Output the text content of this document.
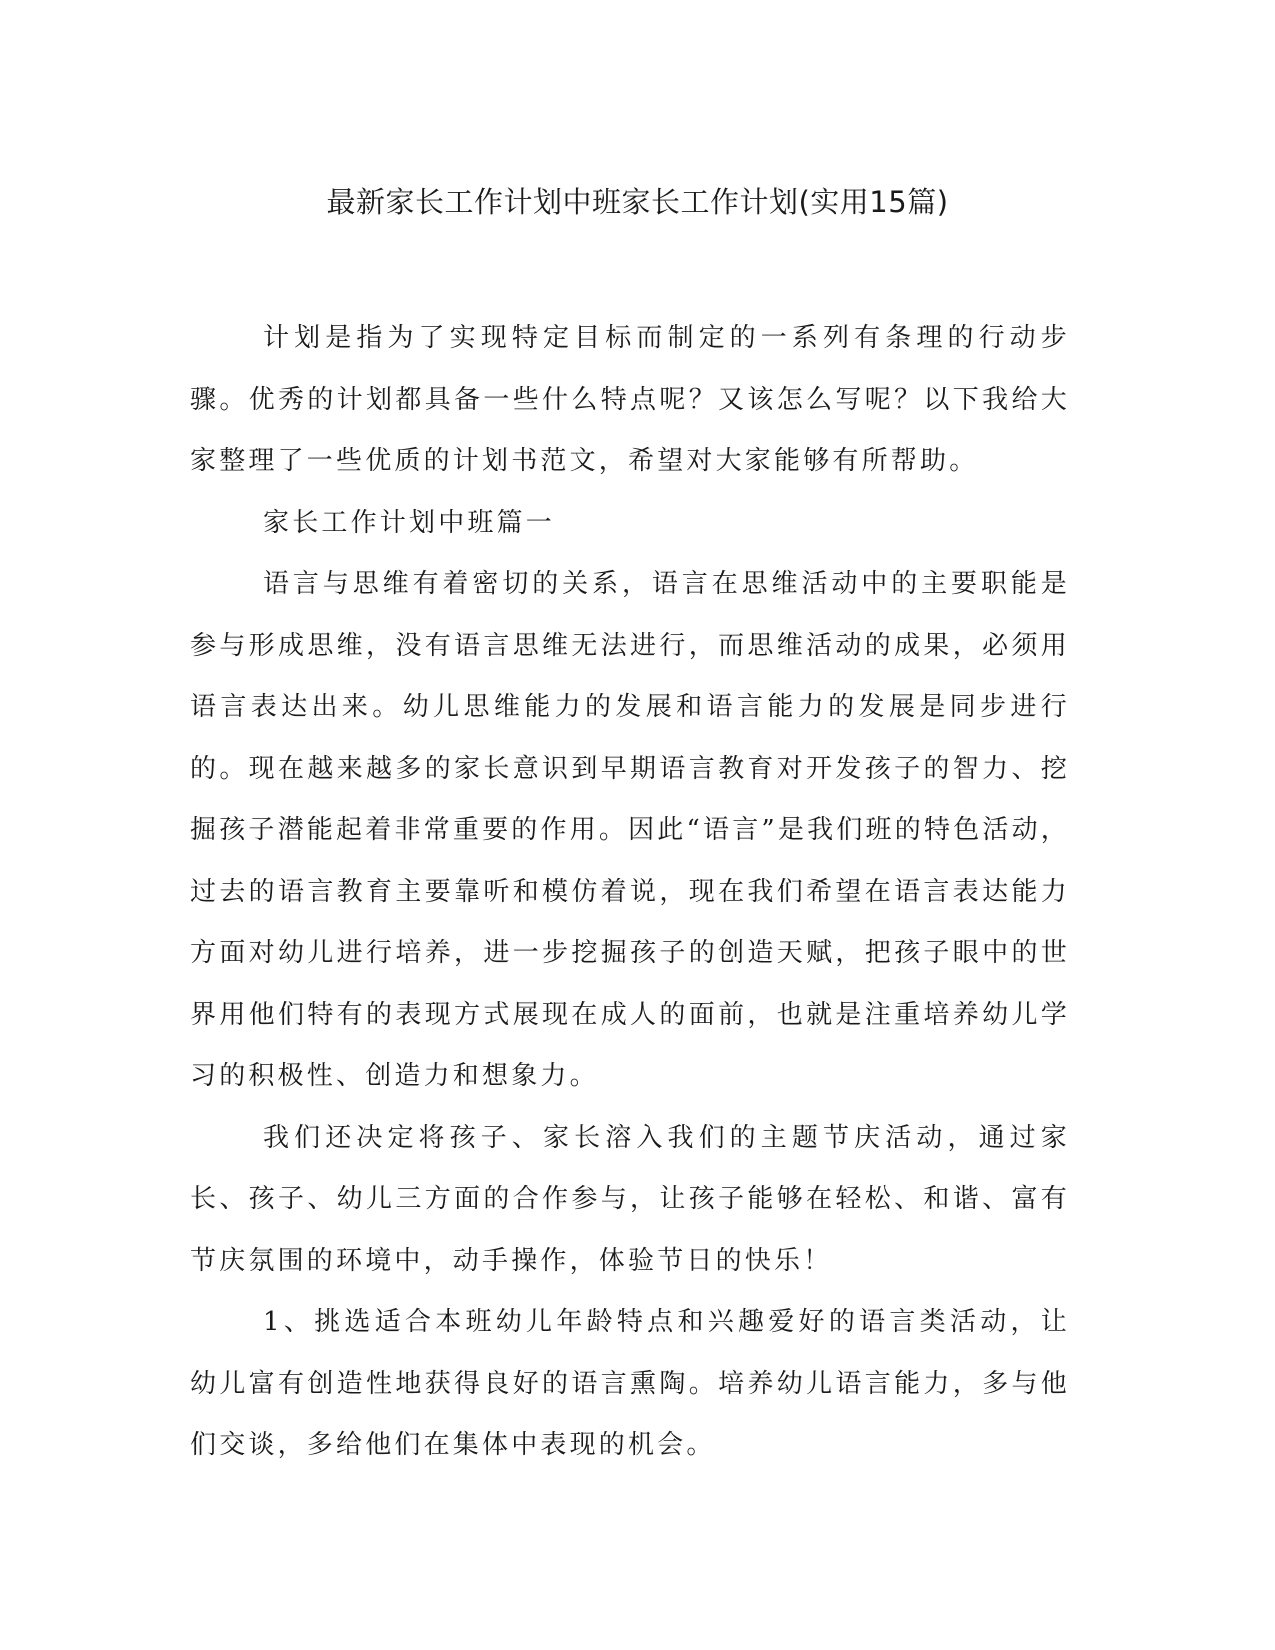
最新家长工作计划中班家长工作计划(实用15篇)

计划是指为了实现特定目标而制定的一系列有条理的行动步骤。优秀的计划都具备一些什么特点呢？又该怎么写呢？以下我给大家整理了一些优质的计划书范文，希望对大家能够有所帮助。

家长工作计划中班篇一

语言与思维有着密切的关系，语言在思维活动中的主要职能是参与形成思维，没有语言思维无法进行，而思维活动的成果，必须用语言表达出来。幼儿思维能力的发展和语言能力的发展是同步进行的。现在越来越多的家长意识到早期语言教育对开发孩子的智力、挖掘孩子潜能起着非常重要的作用。因此“语言”是我们班的特色活动，过去的语言教育主要靠听和模仿着说，现在我们希望在语言表达能力方面对幼儿进行培养，进一步挖掘孩子的创造天赋，把孩子眼中的世界用他们特有的表现方式展现在成人的面前，也就是注重培养幼儿学习的积极性、创造力和想象力。

我们还决定将孩子、家长溶入我们的主题节庆活动，通过家长、孩子、幼儿三方面的合作参与，让孩子能够在轻松、和谐、富有节庆氛围的环境中，动手操作，体验节日的快乐！

1、挑选适合本班幼儿年龄特点和兴趣爱好的语言类活动，让幼儿富有创造性地获得良好的语言熏陶。培养幼儿语言能力，多与他们交谈，多给他们在集体中表现的机会。
